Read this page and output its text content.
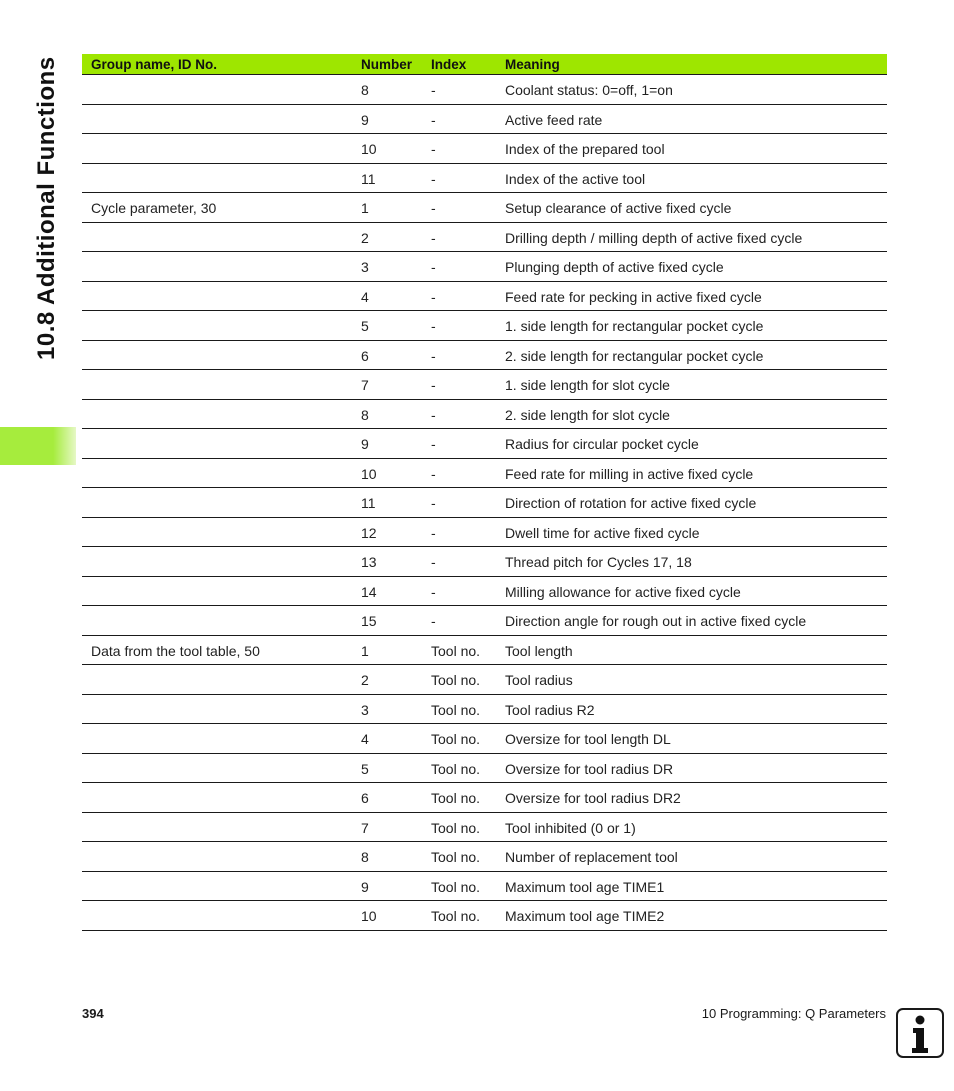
10.8 Additional Functions Group name, ID No.	Number	Index	Meaning
	8	-	Coolant status: 0=off, 1=on
	9	-	Active feed rate
	10	-	Index of the prepared tool
	11	-	Index of the active tool
Cycle parameter, 30	1	-	Setup clearance of active fixed cycle
	2	-	Drilling depth / milling depth of active fixed cycle
	3	-	Plunging depth of active fixed cycle
	4	-	Feed rate for pecking in active fixed cycle
	5	-	1. side length for rectangular pocket cycle
	6	-	2. side length for rectangular pocket cycle
	7	-	1. side length for slot cycle
	8	-	2. side length for slot cycle
	9	-	Radius for circular pocket cycle
	10	-	Feed rate for milling in active fixed cycle
	11	-	Direction of rotation for active fixed cycle
	12	-	Dwell time for active fixed cycle
	13	-	Thread pitch for Cycles 17, 18
	14	-	Milling allowance for active fixed cycle
	15	-	Direction angle for rough out in active fixed cycle
Data from the tool table, 50	1	Tool no.	Tool length
	2	Tool no.	Tool radius
	3	Tool no.	Tool radius R2
	4	Tool no.	Oversize for tool length DL
	5	Tool no.	Oversize for tool radius DR
	6	Tool no.	Oversize for tool radius DR2
	7	Tool no.	Tool inhibited (0 or 1)
	8	Tool no.	Number of replacement tool
	9	Tool no.	Maximum tool age TIME1
	10	Tool no.	Maximum tool age TIME2
394	10 Programming: Q Parameters
